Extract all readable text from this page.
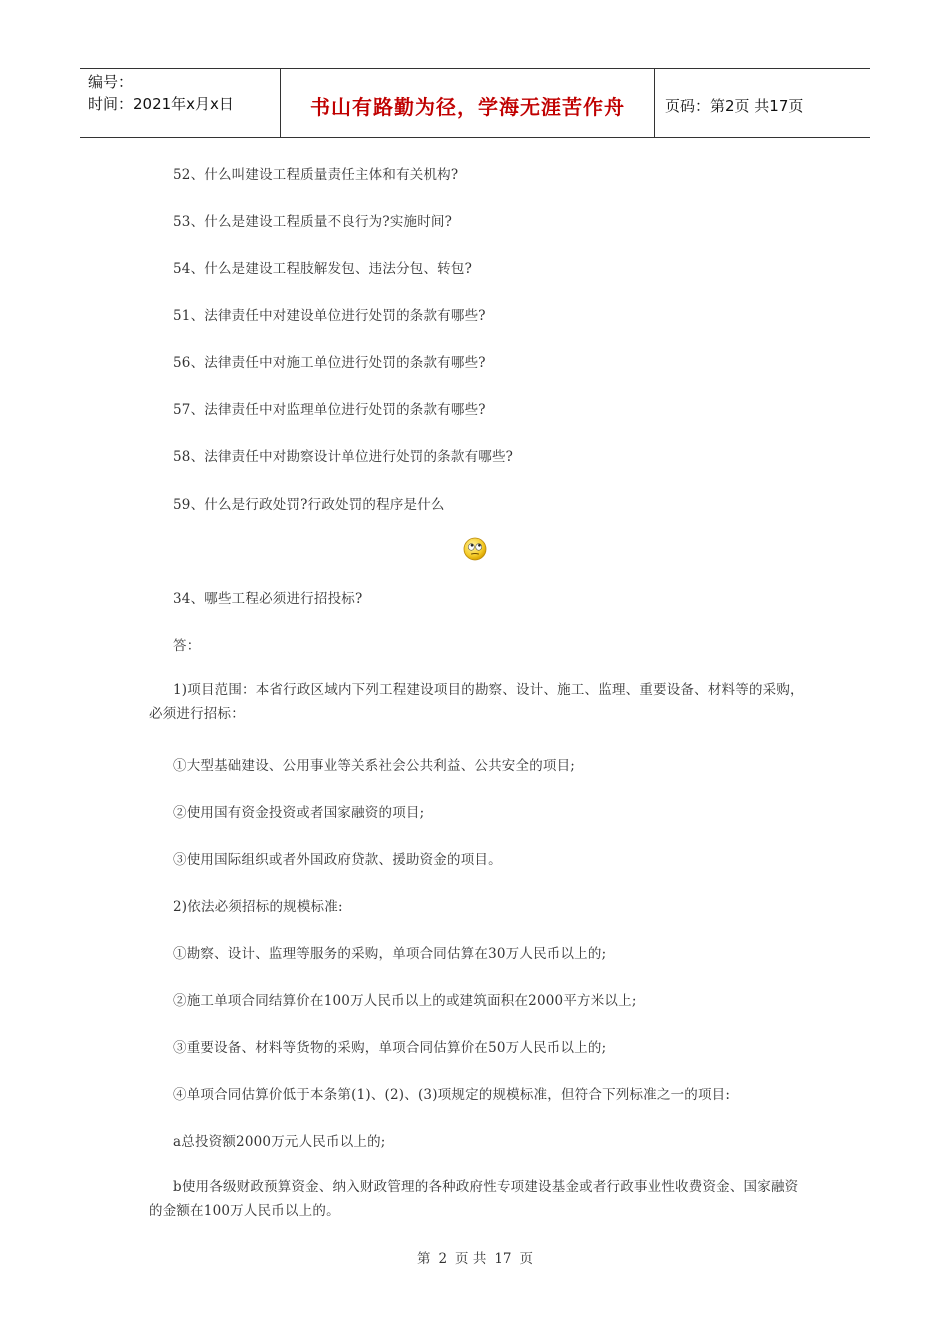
编号：
时间：2021年x月x日	书山有路勤为径，学海无涯苦作舟	页码：第2页 共17页
52、什么叫建设工程质量责任主体和有关机构?
53、什么是建设工程质量不良行为?实施时间?
54、什么是建设工程肢解发包、违法分包、转包?
51、法律责任中对建设单位进行处罚的条款有哪些?
56、法律责任中对施工单位进行处罚的条款有哪些?
57、法律责任中对监理单位进行处罚的条款有哪些?
58、法律责任中对勘察设计单位进行处罚的条款有哪些?
59、什么是行政处罚?行政处罚的程序是什么
34、哪些工程必须进行招投标?
答：
1)项目范围：本省行政区域内下列工程建设项目的勘察、设计、施工、监理、重要设备、材料等的采购，必须进行招标：
①大型基础建设、公用事业等关系社会公共利益、公共安全的项目;
②使用国有资金投资或者国家融资的项目;
③使用国际组织或者外国政府贷款、援助资金的项目。
2)依法必须招标的规模标准:
①勘察、设计、监理等服务的采购，单项合同估算在30万人民币以上的;
②施工单项合同结算价在100万人民币以上的或建筑面积在2000平方米以上;
③重要设备、材料等货物的采购，单项合同估算价在50万人民币以上的;
④单项合同估算价低于本条第(1)、(2)、(3)项规定的规模标准，但符合下列标准之一的项目:
a总投资额2000万元人民币以上的;
b使用各级财政预算资金、纳入财政管理的各种政府性专项建设基金或者行政事业性收费资金、国家融资的金额在100万人民币以上的。
第 2 页 共 17 页
